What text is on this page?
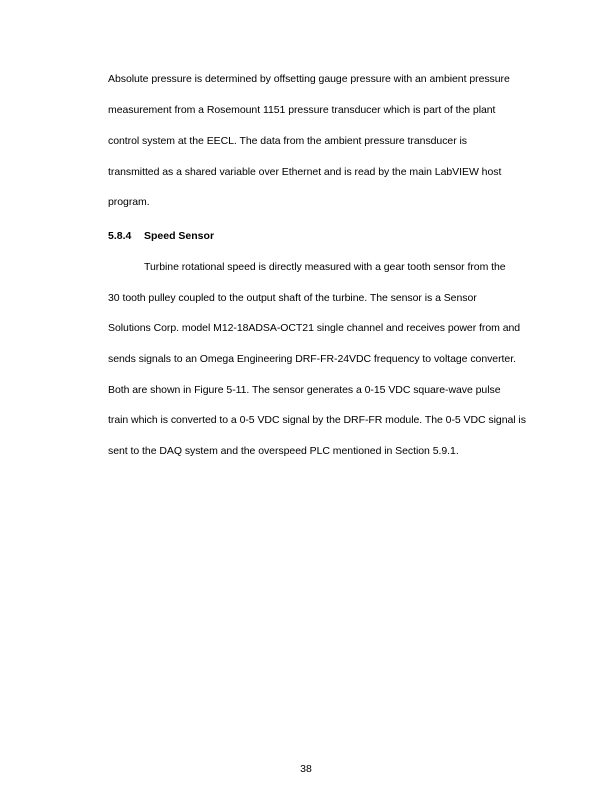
Absolute pressure is determined by offsetting gauge pressure with an ambient pressure
measurement from a Rosemount 1151 pressure transducer which is part of the plant
control system at the EECL. The data from the ambient pressure transducer is
transmitted as a shared variable over Ethernet and is read by the main LabVIEW host
program.
5.8.4 Speed Sensor
Turbine rotational speed is directly measured with a gear tooth sensor from the
30 tooth pulley coupled to the output shaft of the turbine. The sensor is a Sensor
Solutions Corp. model M12-18ADSA-OCT21 single channel and receives power from and
sends signals to an Omega Engineering DRF-FR-24VDC frequency to voltage converter.
Both are shown in Figure 5-11. The sensor generates a 0-15 VDC square-wave pulse
train which is converted to a 0-5 VDC signal by the DRF-FR module. The 0-5 VDC signal is
sent to the DAQ system and the overspeed PLC mentioned in Section 5.9.1.
38
